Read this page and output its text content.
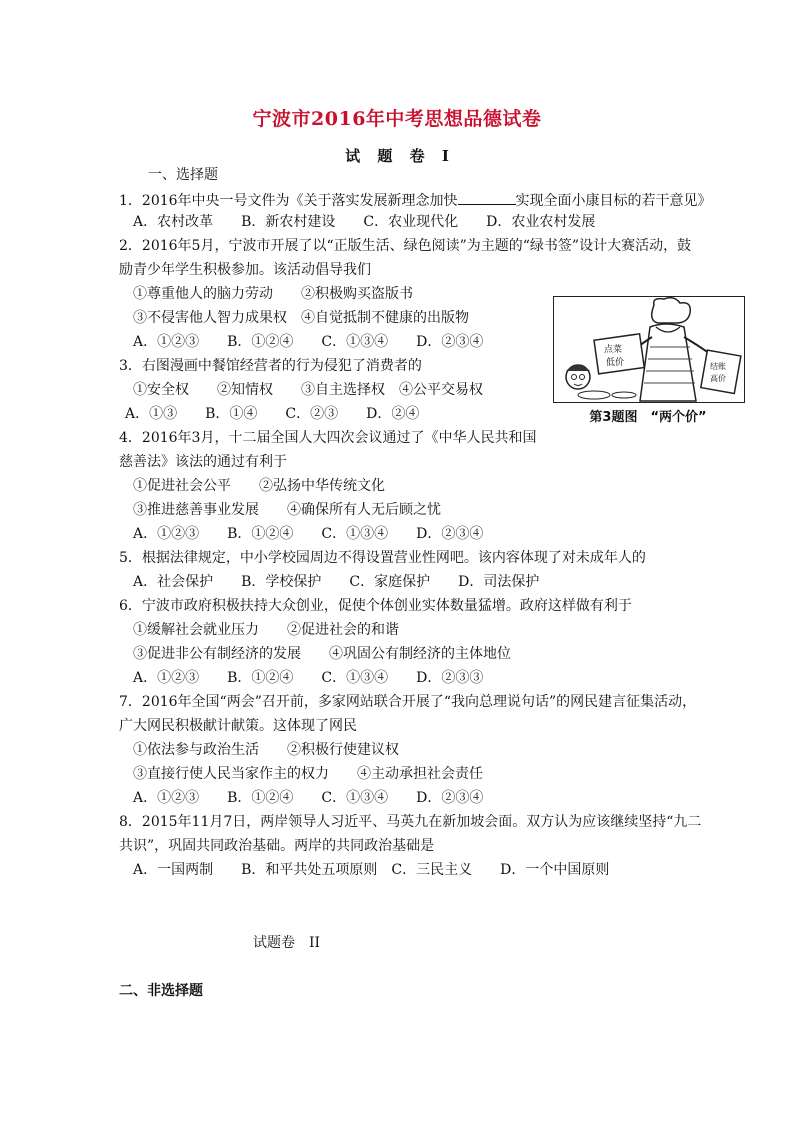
宁波市2016年中考思想品德试卷
试 题 卷 I
一、选择题
1．2016年中央一号文件为《关于落实发展新理念加快	实现全面小康目标的若干意见》
A．农村改革　　B．新农村建设　　C．农业现代化　　D．农业农村发展
2．2016年5月，宁波市开展了以“正版生活、绿色阅读”为主题的“绿书签”设计大赛活动，鼓
励青少年学生积极参加。该活动倡导我们
①尊重他人的脑力劳动　　②积极购买盗版书
③不侵害他人智力成果权　④自觉抵制不健康的出版物
A．①②③　　B．①②④　　C．①③④　　D．②③④
3．右图漫画中餐馆经营者的行为侵犯了消费者的
①安全权　　②知情权　　③自主选择权　④公平交易权
A．①③　　B．①④　　C．②③　　D．②④
点菜
低价	结账
高价
第3题图　“两个价”
4．2016年3月，十二届全国人大四次会议通过了《中华人民共和国
慈善法》该法的通过有利于
①促进社会公平　　②弘扬中华传统文化
③推进慈善事业发展　　④确保所有人无后顾之忧
A．①②③　　B．①②④　　C．①③④　　D．②③④
5．根据法律规定，中小学校园周边不得设置营业性网吧。该内容体现了对未成年人的
A．社会保护　　B．学校保护　　C．家庭保护　　D．司法保护
6．宁波市政府积极扶持大众创业，促使个体创业实体数量猛增。政府这样做有利于
①缓解社会就业压力　　②促进社会的和谐
③促进非公有制经济的发展　　④巩固公有制经济的主体地位
A．①②③　　B．①②④　　C．①③④　　D．②③③
7．2016年全国“两会”召开前，多家网站联合开展了“我向总理说句话”的网民建言征集活动，
广大网民积极献计献策。这体现了网民
①依法参与政治生活　　②积极行使建议权
③直接行使人民当家作主的权力　　④主动承担社会责任
A．①②③　　B．①②④　　C．①③④　　D．②③④
8．2015年11月7日，两岸领导人习近平、马英九在新加坡会面。双方认为应该继续坚持“九二
共识”，巩固共同政治基础。两岸的共同政治基础是
A．一国两制　　B．和平共处五项原则　C．三民主义　　D．一个中国原则
试题卷　II
二、非选择题
